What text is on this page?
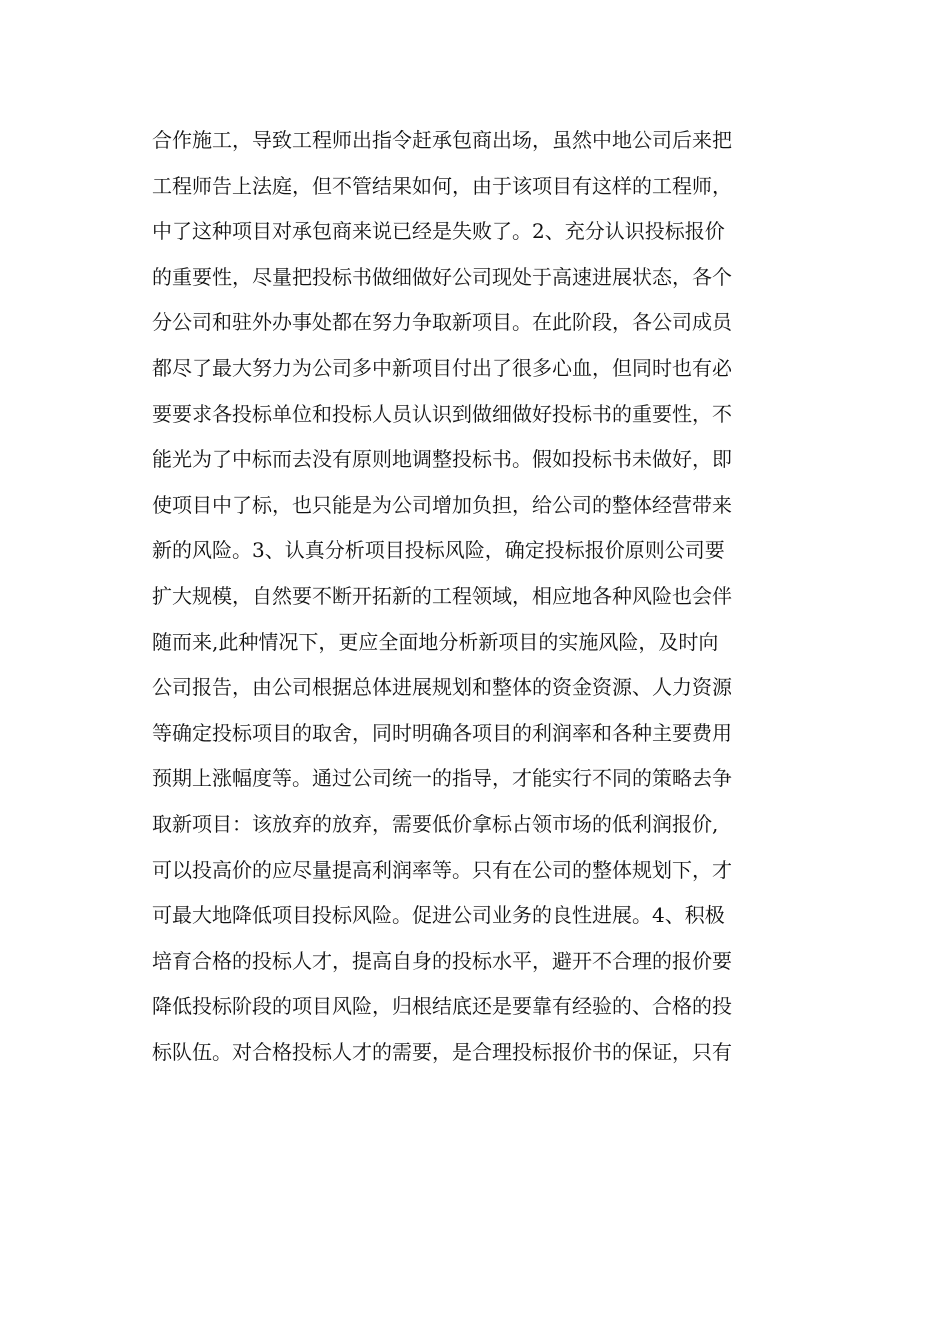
合作施工，导致工程师出指令赶承包商出场，虽然中地公司后来把
工程师告上法庭，但不管结果如何，由于该项目有这样的工程师，
中了这种项目对承包商来说已经是失败了。2、充分认识投标报价
的重要性，尽量把投标书做细做好公司现处于高速进展状态，各个
分公司和驻外办事处都在努力争取新项目。在此阶段，各公司成员
都尽了最大努力为公司多中新项目付出了很多心血，但同时也有必
要要求各投标单位和投标人员认识到做细做好投标书的重要性，不
能光为了中标而去没有原则地调整投标书。假如投标书未做好，即
使项目中了标，也只能是为公司增加负担，给公司的整体经营带来
新的风险。3、认真分析项目投标风险，确定投标报价原则公司要
扩大规模，自然要不断开拓新的工程领域，相应地各种风险也会伴
随而来,此种情况下，更应全面地分析新项目的实施风险，及时向
公司报告，由公司根据总体进展规划和整体的资金资源、人力资源
等确定投标项目的取舍，同时明确各项目的利润率和各种主要费用
预期上涨幅度等。通过公司统一的指导，才能实行不同的策略去争
取新项目：该放弃的放弃，需要低价拿标占领市场的低利润报价,
可以投高价的应尽量提高利润率等。只有在公司的整体规划下，才
可最大地降低项目投标风险。促进公司业务的良性进展。4、积极
培育合格的投标人才，提高自身的投标水平，避开不合理的报价要
降低投标阶段的项目风险，归根结底还是要靠有经验的、合格的投
标队伍。对合格投标人才的需要，是合理投标报价书的保证，只有
